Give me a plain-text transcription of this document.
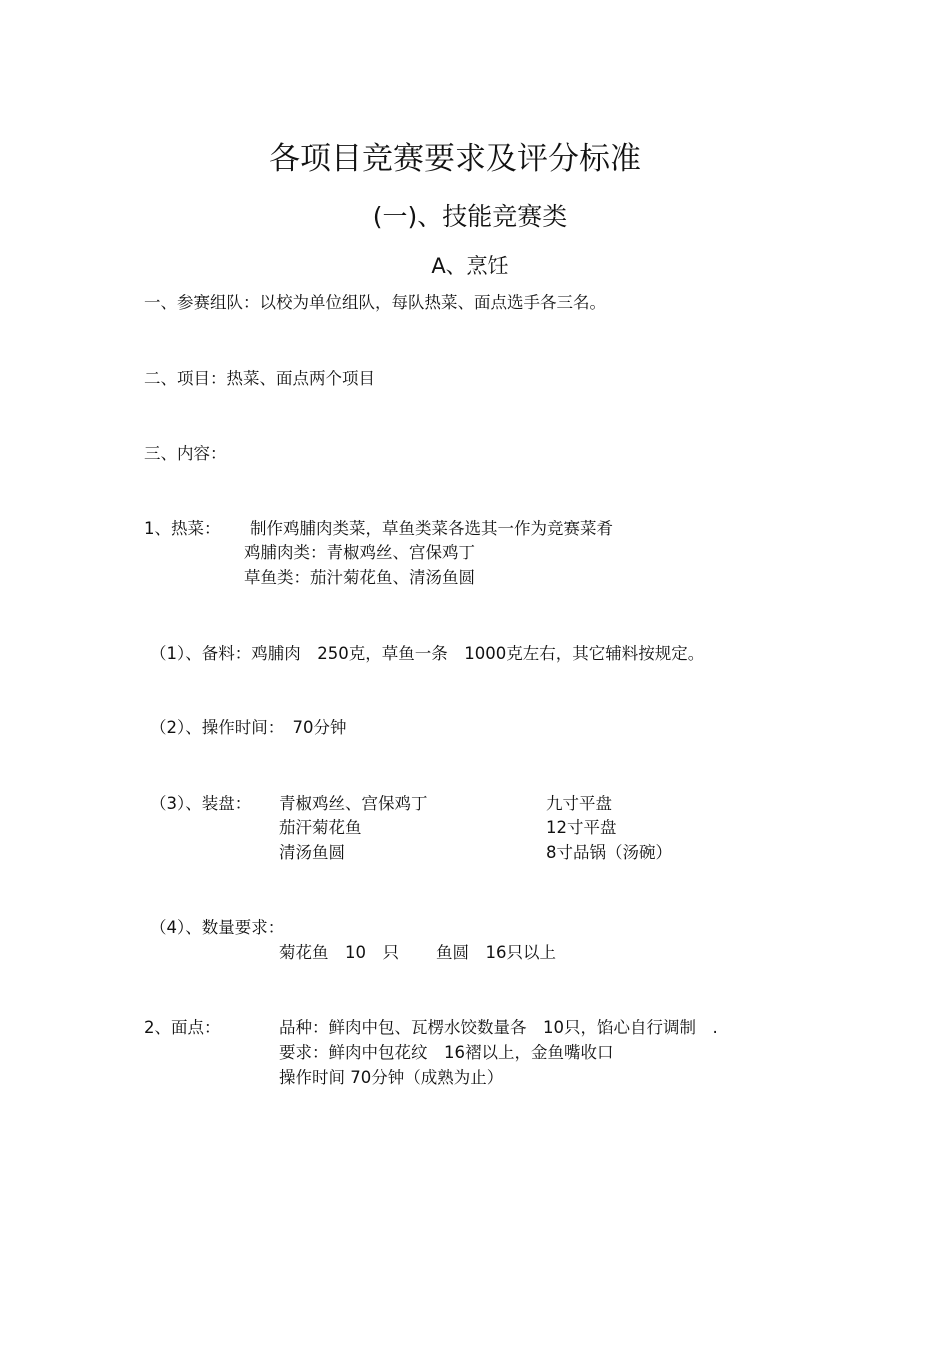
各项目竞赛要求及评分标准
(一)、技能竞赛类
A、烹饪
一、参赛组队：以校为单位组队，每队热菜、面点选手各三名。
二、项目：热菜、面点两个项目
三、内容：
1、热菜： 制作鸡脯肉类菜，草鱼类菜各选其一作为竞赛菜肴
鸡脯肉类：青椒鸡丝、宫保鸡丁
草鱼类：茄汁菊花鱼、清汤鱼圆
（1）、备料：鸡脯肉　250克，草鱼一条　1000克左右，其它辅料按规定。
（2）、操作时间：　70分钟
（3）、装盘： 青椒鸡丝、宫保鸡丁	九寸平盘
茄汗菊花鱼	12寸平盘
清汤鱼圆	8寸品锅（汤碗）
（4）、数量要求：
菊花鱼　10　只 鱼圆　16只以上
2、面点：	品种：鲜肉中包、瓦楞水饺数量各　10只，馅心自行调制　.
要求：鲜肉中包花纹　16褶以上，金鱼嘴收口
操作时间 70分钟（成熟为止）
